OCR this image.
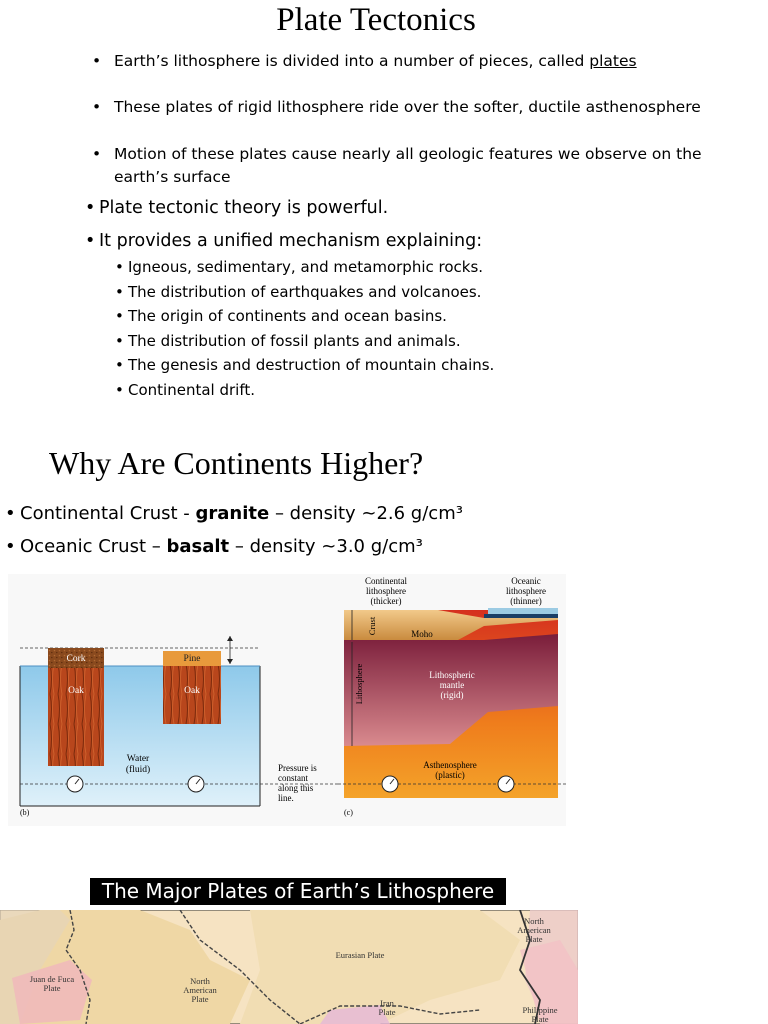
Plate Tectonics
• Earth’s lithosphere is divided into a number of pieces, called plates
• These plates of rigid lithosphere ride over the softer, ductile asthenosphere
• Motion of these plates cause nearly all geologic features we observe on the
earth’s surface
• Plate tectonic theory is powerful.
• It provides a unified mechanism explaining:
• Igneous, sedimentary, and metamorphic rocks.
• The distribution of earthquakes and volcanoes.
• The origin of continents and ocean basins.
• The distribution of fossil plants and animals.
• The genesis and destruction of mountain chains.
• Continental drift.
Why Are Continents Higher?
• Continental Crust - granite – density ~2.6 g/cm³
• Oceanic Crust – basalt – density ~3.0 g/cm³
Cork
Oak
Pine
Oak
Water
(fluid)	Pressure is
constant
along this
line.
(b)
Continental
lithosphere
(thicker)
Oceanic
lithosphere
(thinner)
Crust	Moho
Lithosphere	Lithospheric
mantle
(rigid)
Asthenosphere
(plastic)
(c)
The Major Plates of Earth’s Lithosphere
Juan de Fuca
Plate
North
American
Plate
Eurasian Plate
Iran
Plate
North
American
Plate
Philippine
Plate
